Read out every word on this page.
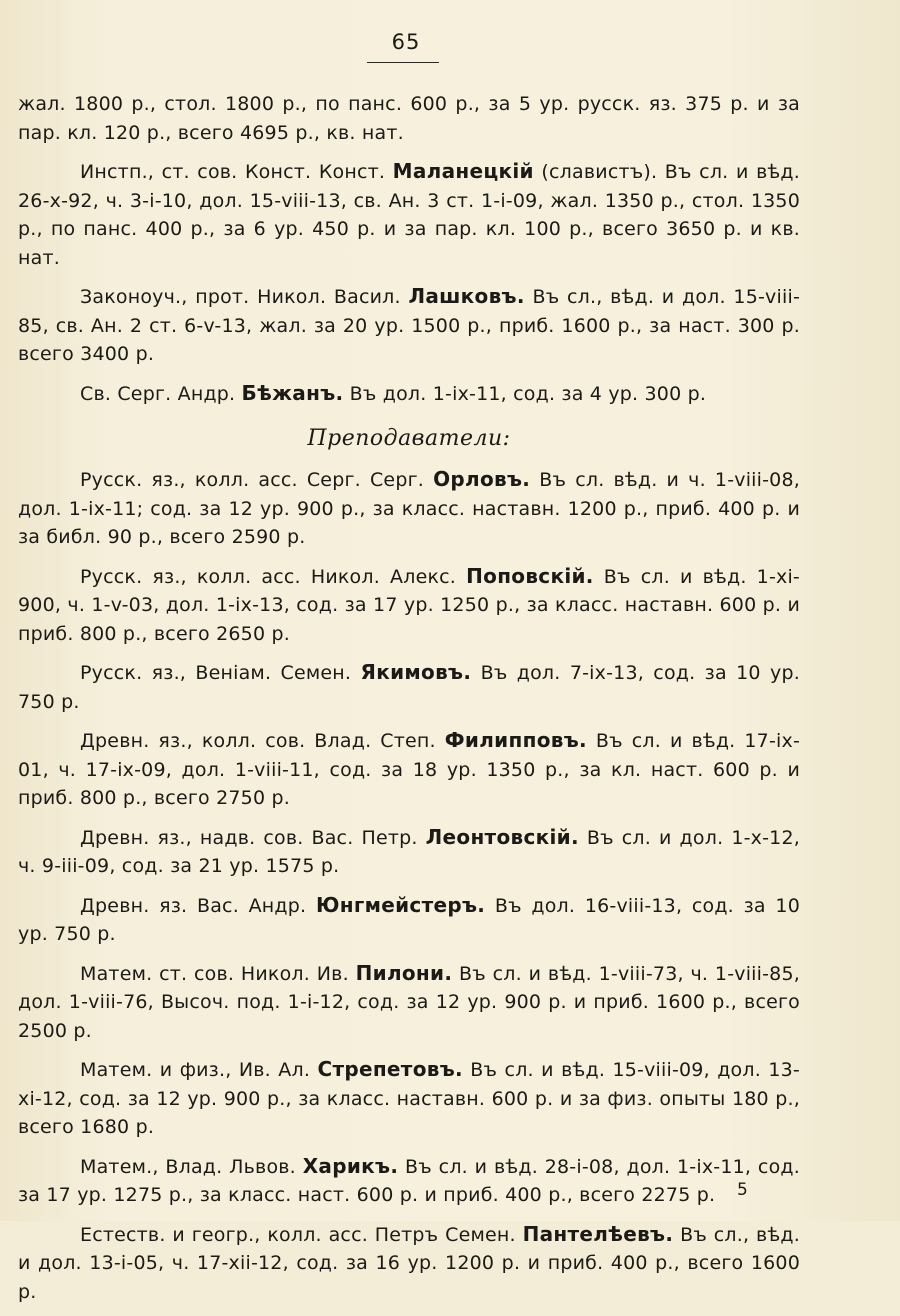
65

жал. 1800 р., стол. 1800 р., по панс. 600 р., за 5 ур. русск. яз. 375 р. и за пар. кл. 120 р., всего 4695 р., кв. нат.

Инстп., ст. сов. Конст. Конст. Маланецкій (славистъ). Въ сл. и вѣд. 26-х-92, ч. 3-і-10, дол. 15-viii-13, св. Ан. 3 ст. 1-і-09, жал. 1350 р., стол. 1350 р., по панс. 400 р., за 6 ур. 450 р. и за пар. кл. 100 р., всего 3650 р. и кв. нат.

Законоуч., прот. Никол. Васил. Лашковъ. Въ сл., вѣд. и дол. 15-viii-85, св. Ан. 2 ст. 6-v-13, жал. за 20 ур. 1500 р., приб. 1600 р., за наст. 300 р. всего 3400 р.

Св. Серг. Андр. Бѣжанъ. Въ дол. 1-ix-11, сод. за 4 ур. 300 р.

Преподаватели:

Русск. яз., колл. асс. Серг. Серг. Орловъ. Въ сл. вѣд. и ч. 1-viii-08, дол. 1-ix-11; сод. за 12 ур. 900 р., за класс. наставн. 1200 р., приб. 400 р. и за библ. 90 р., всего 2590 р.

Русск. яз., колл. асс. Никол. Алекс. Поповскій. Въ сл. и вѣд. 1-xi-900, ч. 1-v-03, дол. 1-ix-13, сод. за 17 ур. 1250 р., за класс. наставн. 600 р. и приб. 800 р., всего 2650 р.

Русск. яз., Веніам. Семен. Якимовъ. Въ дол. 7-ix-13, сод. за 10 ур. 750 р.

Древн. яз., колл. сов. Влад. Степ. Филипповъ. Въ сл. и вѣд. 17-ix-01, ч. 17-ix-09, дол. 1-viii-11, сод. за 18 ур. 1350 р., за кл. наст. 600 р. и приб. 800 р., всего 2750 р.

Древн. яз., надв. сов. Вас. Петр. Леонтовскій. Въ сл. и дол. 1-х-12, ч. 9-iii-09, сод. за 21 ур. 1575 р.

Древн. яз. Вас. Андр. Юнгмейстеръ. Въ дол. 16-viii-13, сод. за 10 ур. 750 р.

Матем. ст. сов. Никол. Ив. Пилони. Въ сл. и вѣд. 1-viii-73, ч. 1-viii-85, дол. 1-viii-76, Высоч. под. 1-і-12, сод. за 12 ур. 900 р. и приб. 1600 р., всего 2500 р.

Матем. и физ., Ив. Ал. Стрепетовъ. Въ сл. и вѣд. 15-viii-09, дол. 13-xi-12, сод. за 12 ур. 900 р., за класс. наставн. 600 р. и за физ. опыты 180 р., всего 1680 р.

Матем., Влад. Львов. Харикъ. Въ сл. и вѣд. 28-і-08, дол. 1-ix-11, сод. за 17 ур. 1275 р., за класс. наст. 600 р. и приб. 400 р., всего 2275 р.

Естеств. и геогр., колл. асс. Петръ Семен. Пантелѣевъ. Въ сл., вѣд. и дол. 13-і-05, ч. 17-xii-12, сод. за 16 ур. 1200 р. и приб. 400 р., всего 1600 р.

5
